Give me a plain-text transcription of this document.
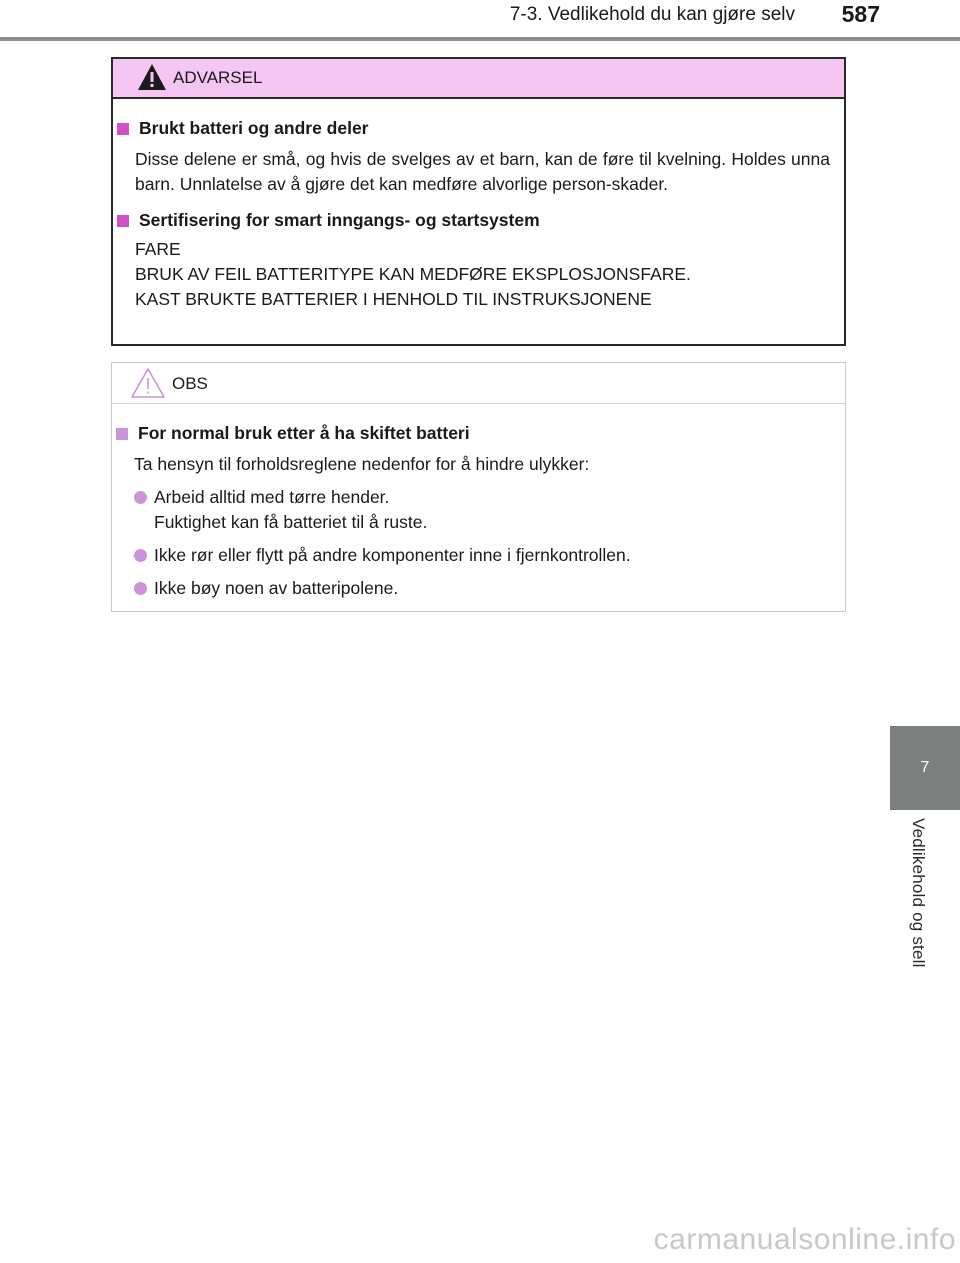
7-3. Vedlikehold du kan gjøre selv	587
7
Vedlikehold og stell
ADVARSEL
Brukt batteri og andre deler
Disse delene er små, og hvis de svelges av et barn, kan de føre til kvelning. Holdes unna barn. Unnlatelse av å gjøre det kan medføre alvorlige person-skader.
Sertifisering for smart inngangs- og startsystem
FARE
BRUK AV FEIL BATTERITYPE KAN MEDFØRE EKSPLOSJONSFARE.
KAST BRUKTE BATTERIER I HENHOLD TIL INSTRUKSJONENE
OBS
For normal bruk etter å ha skiftet batteri
Ta hensyn til forholdsreglene nedenfor for å hindre ulykker:
Arbeid alltid med tørre hender.
Fuktighet kan få batteriet til å ruste.
Ikke rør eller flytt på andre komponenter inne i fjernkontrollen.
Ikke bøy noen av batteripolene.
carmanualsonline.info
